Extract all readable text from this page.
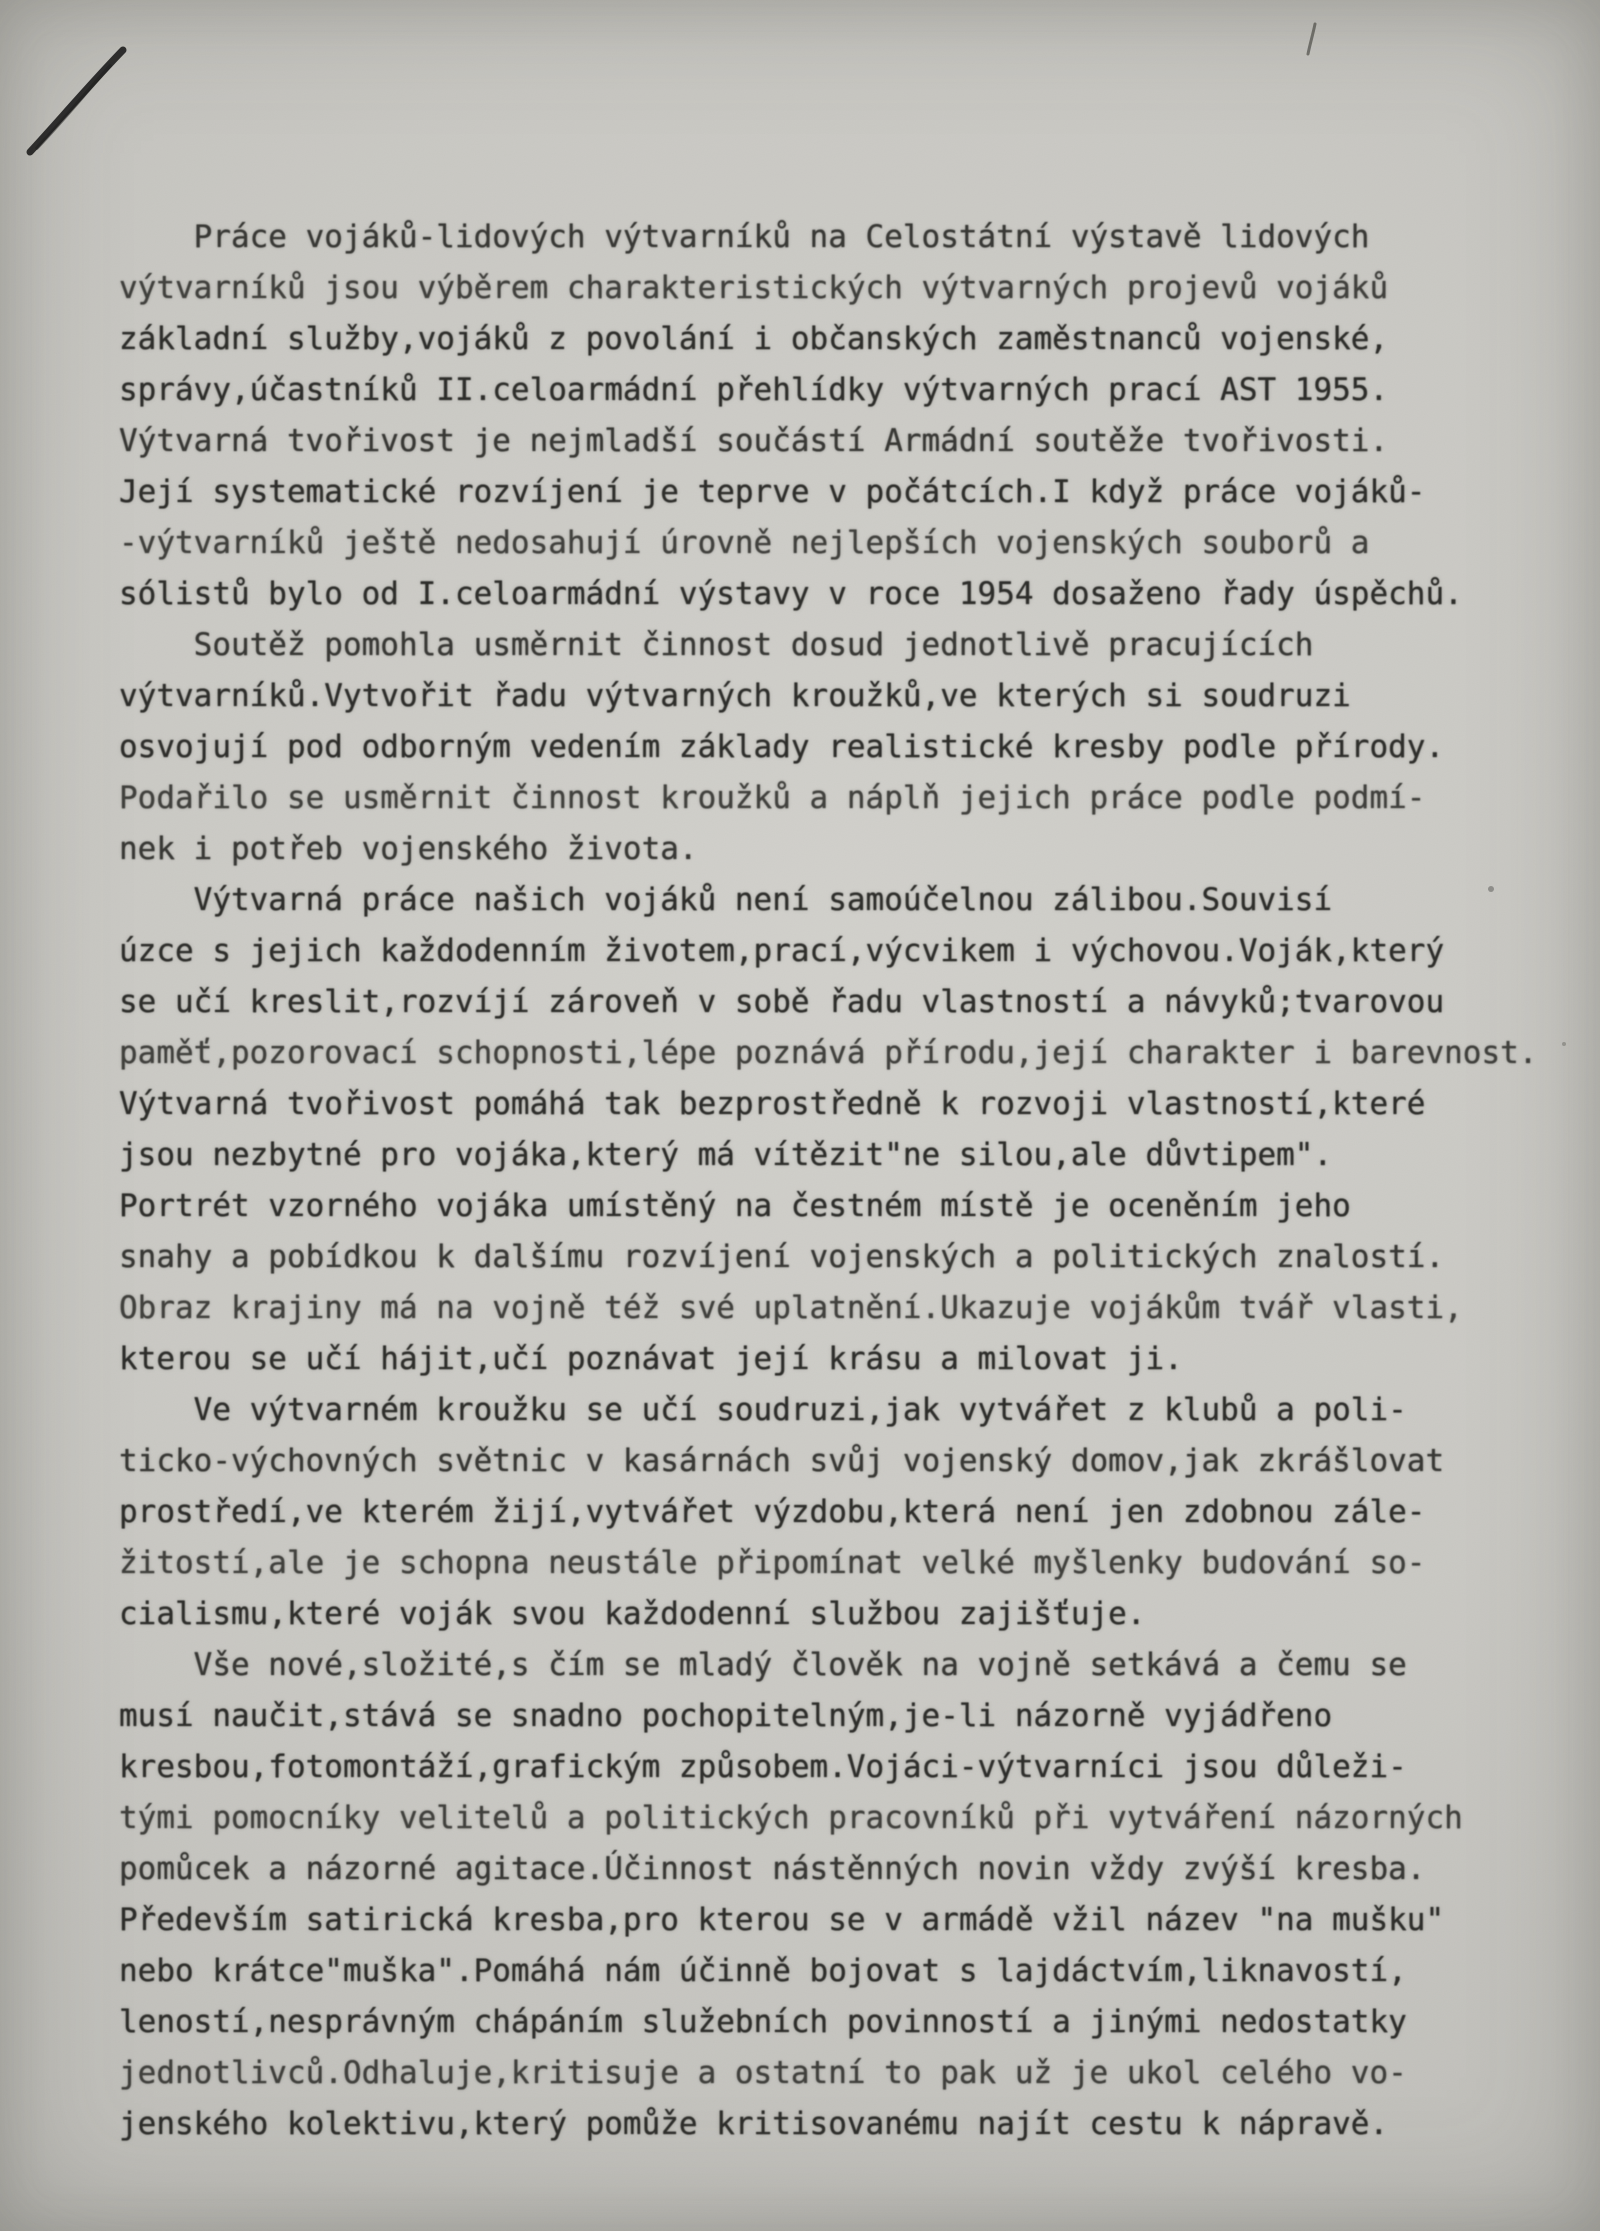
Práce vojáků-lidových výtvarníků na Celostátní výstavě lidových
výtvarníků jsou výběrem charakteristických výtvarných projevů vojáků
základní služby,vojáků z povolání i občanských zaměstnanců vojenské,
správy,účastníků II.celoarmádní přehlídky výtvarných prací AST 1955.
Výtvarná tvořivost je nejmladší součástí Armádní soutěže tvořivosti.
Její systematické rozvíjení je teprve v počátcích.I když práce vojáků-
-výtvarníků ještě nedosahují úrovně nejlepších vojenských souborů a
sólistů bylo od I.celoarmádní výstavy v roce 1954 dosaženo řady úspěchů.
Soutěž pomohla usměrnit činnost dosud jednotlivě pracujících
výtvarníků.Vytvořit řadu výtvarných kroužků,ve kterých si soudruzi
osvojují pod odborným vedením základy realistické kresby podle přírody.
Podařilo se usměrnit činnost kroužků a náplň jejich práce podle podmí-
nek i potřeb vojenského života.
Výtvarná práce našich vojáků není samoúčelnou zálibou.Souvisí
úzce s jejich každodenním životem,prací,výcvikem i výchovou.Voják,který
se učí kreslit,rozvíjí zároveň v sobě řadu vlastností a návyků;tvarovou
paměť,pozorovací schopnosti,lépe poznává přírodu,její charakter i barevnost.
Výtvarná tvořivost pomáhá tak bezprostředně k rozvoji vlastností,které
jsou nezbytné pro vojáka,který má vítězit"ne silou,ale důvtipem".
Portrét vzorného vojáka umístěný na čestném místě je oceněním jeho
snahy a pobídkou k dalšímu rozvíjení vojenských a politických znalostí.
Obraz krajiny má na vojně též své uplatnění.Ukazuje vojákům tvář vlasti,
kterou se učí hájit,učí poznávat její krásu a milovat ji.
Ve výtvarném kroužku se učí soudruzi,jak vytvářet z klubů a poli-
ticko-výchovných světnic v kasárnách svůj vojenský domov,jak zkrášlovat
prostředí,ve kterém žijí,vytvářet výzdobu,která není jen zdobnou zále-
žitostí,ale je schopna neustále připomínat velké myšlenky budování so-
cialismu,které voják svou každodenní službou zajišťuje.
Vše nové,složité,s čím se mladý člověk na vojně setkává a čemu se
musí naučit,stává se snadno pochopitelným,je-li názorně vyjádřeno
kresbou,fotomontáží,grafickým způsobem.Vojáci-výtvarníci jsou důleži-
tými pomocníky velitelů a politických pracovníků při vytváření názorných
pomůcek a názorné agitace.Účinnost nástěnných novin vždy zvýší kresba.
Především satirická kresba,pro kterou se v armádě vžil název "na mušku"
nebo krátce"muška".Pomáhá nám účinně bojovat s lajdáctvím,liknavostí,
leností,nesprávným chápáním služebních povinností a jinými nedostatky
jednotlivců.Odhaluje,kritisuje a ostatní to pak už je ukol celého vo-
jenského kolektivu,který pomůže kritisovanému najít cestu k nápravě.
